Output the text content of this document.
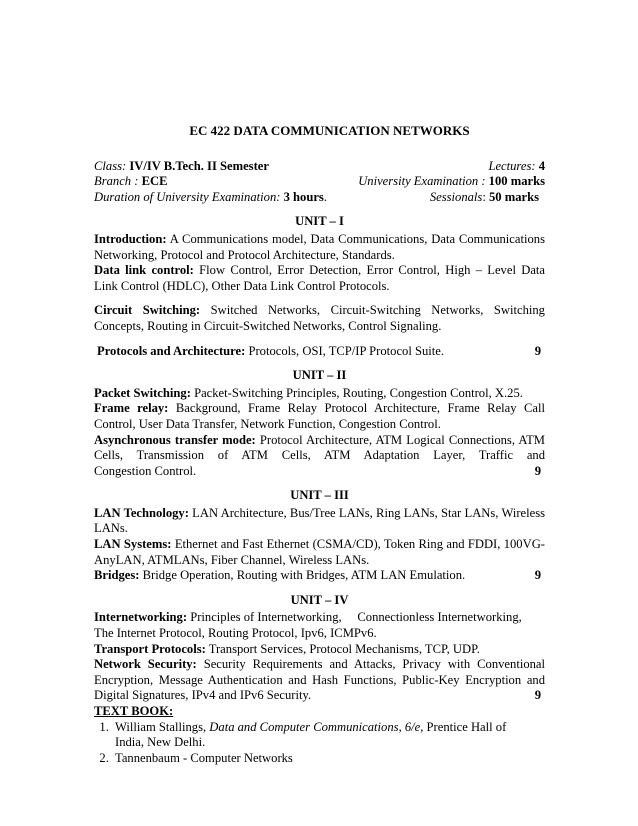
EC 422 DATA COMMUNICATION NETWORKS
Class: IV/IV B.Tech. II Semester	Lectures: 4
Branch : ECE	University Examination : 100 marks
Duration of University Examination: 3 hours.	Sessionals: 50 marks
UNIT – I

Introduction: A Communications model, Data Communications, Data Communications Networking, Protocol and Protocol Architecture, Standards.

Data link control: Flow Control, Error Detection, Error Control, High – Level Data Link Control (HDLC), Other Data Link Control Protocols.

Circuit Switching: Switched Networks, Circuit-Switching Networks, Switching Concepts, Routing in Circuit-Switched Networks, Control Signaling.

Protocols and Architecture: Protocols, OSI, TCP/IP Protocol Suite.	9
UNIT – II

Packet Switching: Packet-Switching Principles, Routing, Congestion Control, X.25.

Frame relay: Background, Frame Relay Protocol Architecture, Frame Relay Call Control, User Data Transfer, Network Function, Congestion Control.

Asynchronous transfer mode: Protocol Architecture, ATM Logical Connections, ATM Cells, Transmission of ATM Cells, ATM Adaptation Layer, Traffic and

Congestion Control.	9
UNIT – III

LAN Technology: LAN Architecture, Bus/Tree LANs, Ring LANs, Star LANs, Wireless LANs.

LAN Systems: Ethernet and Fast Ethernet (CSMA/CD), Token Ring and FDDI, 100VG-AnyLAN, ATMLANs, Fiber Channel, Wireless LANs.

Bridges: Bridge Operation, Routing with Bridges, ATM LAN Emulation.	9
UNIT – IV

Internetworking: Principles of Internetworking,     Connectionless Internetworking, The Internet Protocol, Routing Protocol, Ipv6, ICMPv6.

Transport Protocols: Transport Services, Protocol Mechanisms, TCP, UDP.

Network Security: Security Requirements and Attacks, Privacy with Conventional Encryption, Message Authentication and Hash Functions, Public-Key Encryption and

Digital Signatures, IPv4 and IPv6 Security.	9
TEXT BOOK:
1. William Stallings, Data and Computer Communications, 6/e, Prentice Hall of India, New Delhi.
2. Tannenbaum - Computer Networks
